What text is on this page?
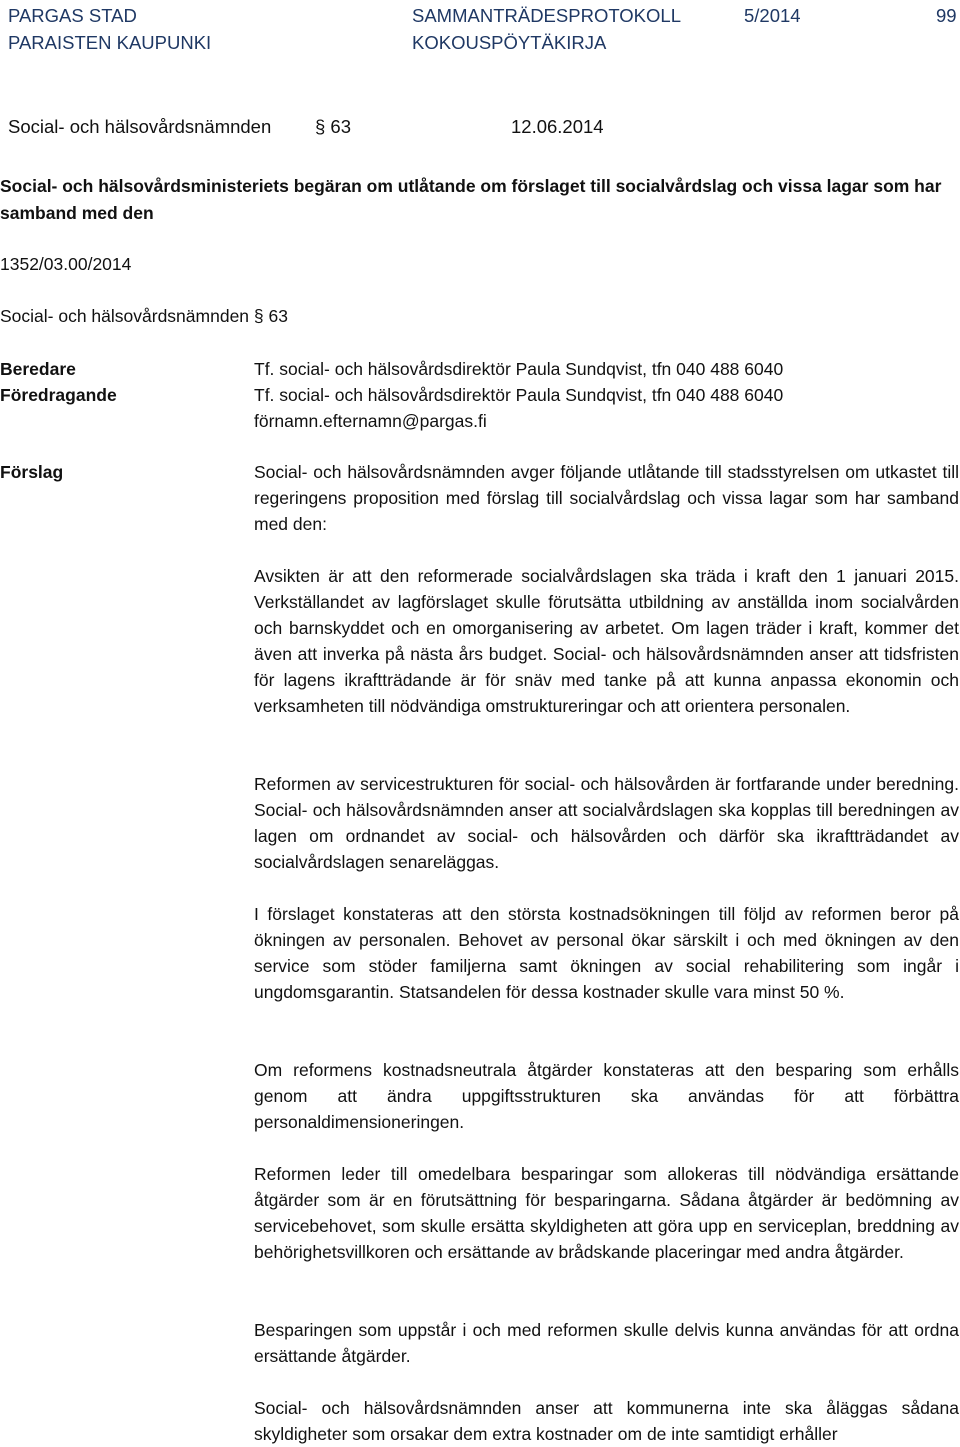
PARGAS STAD
PARAISTEN KAUPUNKI
SAMMANTRÄDESPROTOKOLL
KOKOUSPÖYTÄKIRJA
5/2014	99
Social- och hälsovårdsnämnden § 63	12.06.2014
Social- och hälsovårdsministeriets begäran om utlåtande om förslaget till socialvårdslag och vissa lagar som har samband med den
1352/03.00/2014
Social- och hälsovårdsnämnden § 63
Beredare	Tf. social- och hälsovårdsdirektör Paula Sundqvist, tfn 040 488 6040
Föredragande	Tf. social- och hälsovårdsdirektör Paula Sundqvist, tfn 040 488 6040
förnamn.efternamn@pargas.fi
Förslag	Social- och hälsovårdsnämnden avger följande utlåtande till stadsstyrelsen om utkastet till regeringens proposition med förslag till socialvårdslag och vissa lagar som har samband med den:

Avsikten är att den reformerade socialvårdslagen ska träda i kraft den 1 januari 2015. Verkställandet av lagförslaget skulle förutsätta utbildning av anställda inom socialvården och barnskyddet och en omorganisering av arbetet. Om lagen träder i kraft, kommer det även att inverka på nästa års budget. Social- och hälsovårdsnämnden anser att tidsfristen för lagens ikraftträdande är för snäv med tanke på att kunna anpassa ekonomin och verksamheten till nödvändiga omstruktureringar och att orientera personalen.

Reformen av servicestrukturen för social- och hälsovården är fortfarande under beredning. Social- och hälsovårdsnämnden anser att socialvårdslagen ska kopplas till beredningen av lagen om ordnandet av social- och hälsovården och därför ska ikraftträdandet av socialvårdslagen senareläggas.

I förslaget konstateras att den största kostnadsökningen till följd av reformen beror på ökningen av personalen. Behovet av personal ökar särskilt i och med ökningen av den service som stöder familjerna samt ökningen av social rehabilitering som ingår i ungdomsgarantin. Statsandelen för dessa kostnader skulle vara minst 50 %.

Om reformens kostnadsneutrala åtgärder konstateras att den besparing som erhålls genom att ändra uppgiftsstrukturen ska användas för att förbättra personaldimensioneringen.

Reformen leder till omedelbara besparingar som allokeras till nödvändiga ersättande åtgärder som är en förutsättning för besparingarna. Sådana åtgärder är bedömning av servicebehovet, som skulle ersätta skyldigheten att göra upp en serviceplan, breddning av behörighetsvillkoren och ersättande av brådskande placeringar med andra åtgärder.

Besparingen som uppstår i och med reformen skulle delvis kunna användas för att ordna ersättande åtgärder.

Social- och hälsovårdsnämnden anser att kommunerna inte ska åläggas sådana skyldigheter som orsakar dem extra kostnader om de inte samtidigt erhåller
